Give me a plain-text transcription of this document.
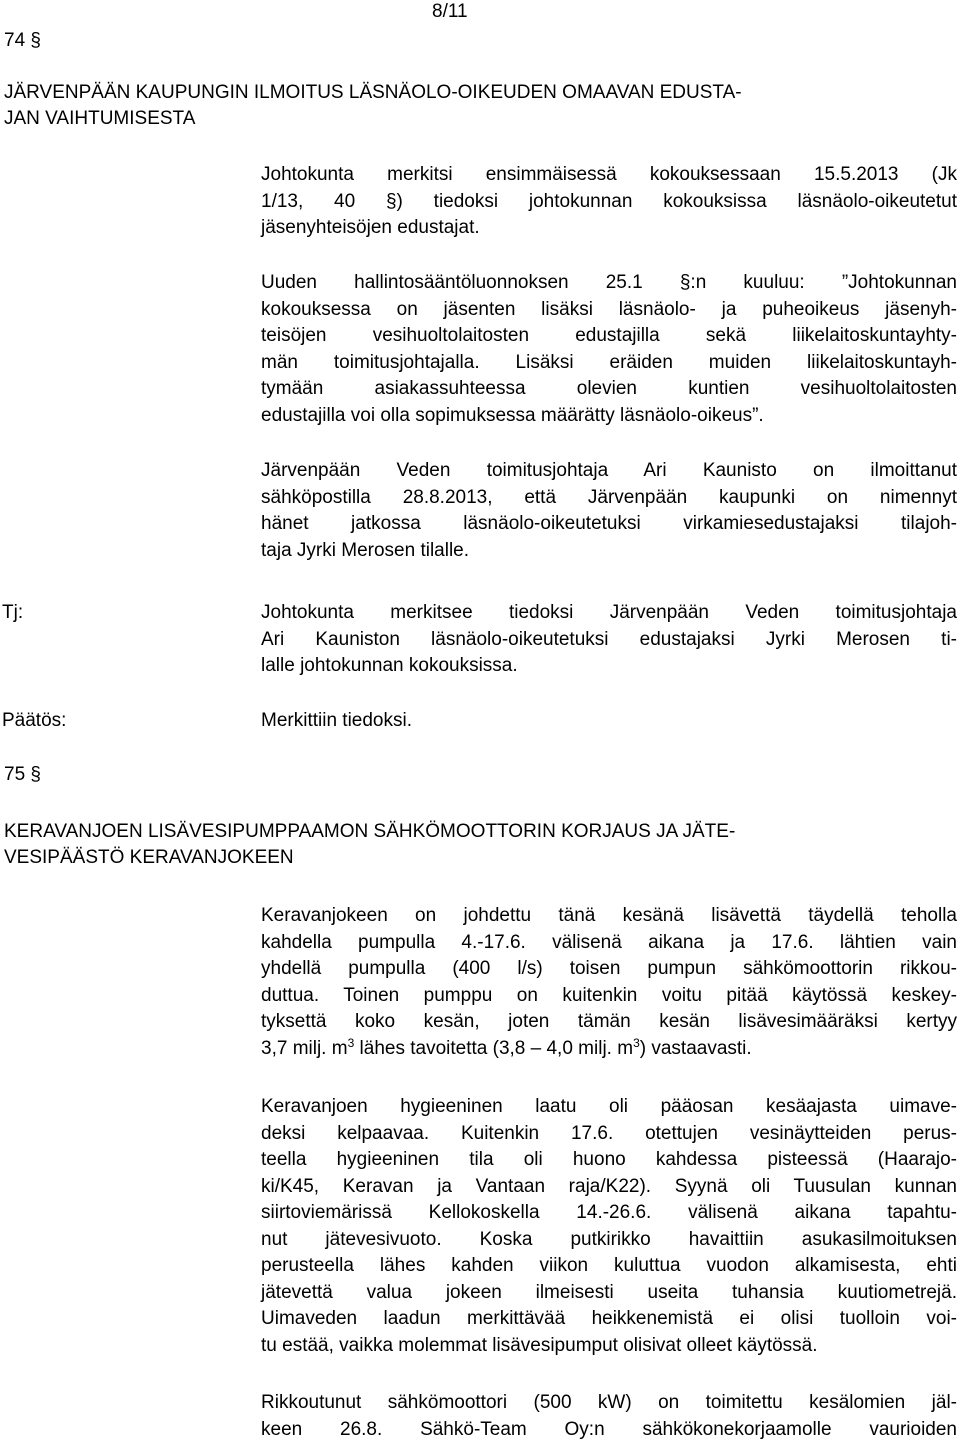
8/11
74 §
JÄRVENPÄÄN KAUPUNGIN ILMOITUS LÄSNÄOLO-OIKEUDEN OMAAVAN EDUSTA-
JAN VAIHTUMISESTA
Johtokunta merkitsi ensimmäisessä kokouksessaan 15.5.2013 (Jk
1/13, 40 §) tiedoksi johtokunnan kokouksissa läsnäolo-oikeutetut
jäsenyhteisöjen edustajat.
Uuden hallintosääntöluonnoksen 25.1 §:n kuuluu: ”Johtokunnan
kokouksessa on jäsenten lisäksi läsnäolo- ja puheoikeus jäsenyh-
teisöjen vesihuoltolaitosten edustajilla sekä liikelaitoskuntayhty-
män toimitusjohtajalla. Lisäksi eräiden muiden liikelaitoskuntayh-
tymään asiakassuhteessa olevien kuntien vesihuoltolaitosten
edustajilla voi olla sopimuksessa määrätty läsnäolo-oikeus”.
Järvenpään Veden toimitusjohtaja Ari Kaunisto on ilmoittanut
sähköpostilla 28.8.2013, että Järvenpään kaupunki on nimennyt
hänet jatkossa läsnäolo-oikeutetuksi virkamiesedustajaksi tilajoh-
taja Jyrki Merosen tilalle.
Tj:	Johtokunta merkitsee tiedoksi Järvenpään Veden toimitusjohtaja
Ari Kauniston läsnäolo-oikeutetuksi edustajaksi Jyrki Merosen ti-
lalle johtokunnan kokouksissa.
Päätös:	Merkittiin tiedoksi.
75 §
KERAVANJOEN LISÄVESIPUMPPAAMON SÄHKÖMOOTTORIN KORJAUS JA JÄTE-
VESIPÄÄSTÖ KERAVANJOKEEN
Keravanjokeen on johdettu tänä kesänä lisävettä täydellä teholla
kahdella pumpulla 4.-17.6. välisenä aikana ja 17.6. lähtien vain
yhdellä pumpulla (400 l/s) toisen pumpun sähkömoottorin rikkou-
duttua. Toinen pumppu on kuitenkin voitu pitää käytössä keskey-
tyksettä koko kesän, joten tämän kesän lisävesimääräksi kertyy
3,7 milj. $m^3$ lähes tavoitetta (3,8 – 4,0 milj. $m^3$) vastaavasti.
Keravanjoen hygieeninen laatu oli pääosan kesäajasta uimave-
deksi kelpaavaa. Kuitenkin 17.6. otettujen vesinäytteiden perus-
teella hygieeninen tila oli huono kahdessa pisteessä (Haarajo-
ki/K45, Keravan ja Vantaan raja/K22). Syynä oli Tuusulan kunnan
siirtoviemärissä Kellokoskella 14.-26.6. välisenä aikana tapahtu-
nut jätevesivuoto. Koska putkirikko havaittiin asukasilmoituksen
perusteella lähes kahden viikon kuluttua vuodon alkamisesta, ehti
jätevettä valua jokeen ilmeisesti useita tuhansia kuutiometrejä.
Uimaveden laadun merkittävää heikkenemistä ei olisi tuolloin voi-
tu estää, vaikka molemmat lisävesipumput olisivat olleet käytössä.
Rikkoutunut sähkömoottori (500 kW) on toimitettu kesälomien jäl-
keen 26.8. Sähkö-Team Oy:n sähkökonekorjaamolle vaurioiden
